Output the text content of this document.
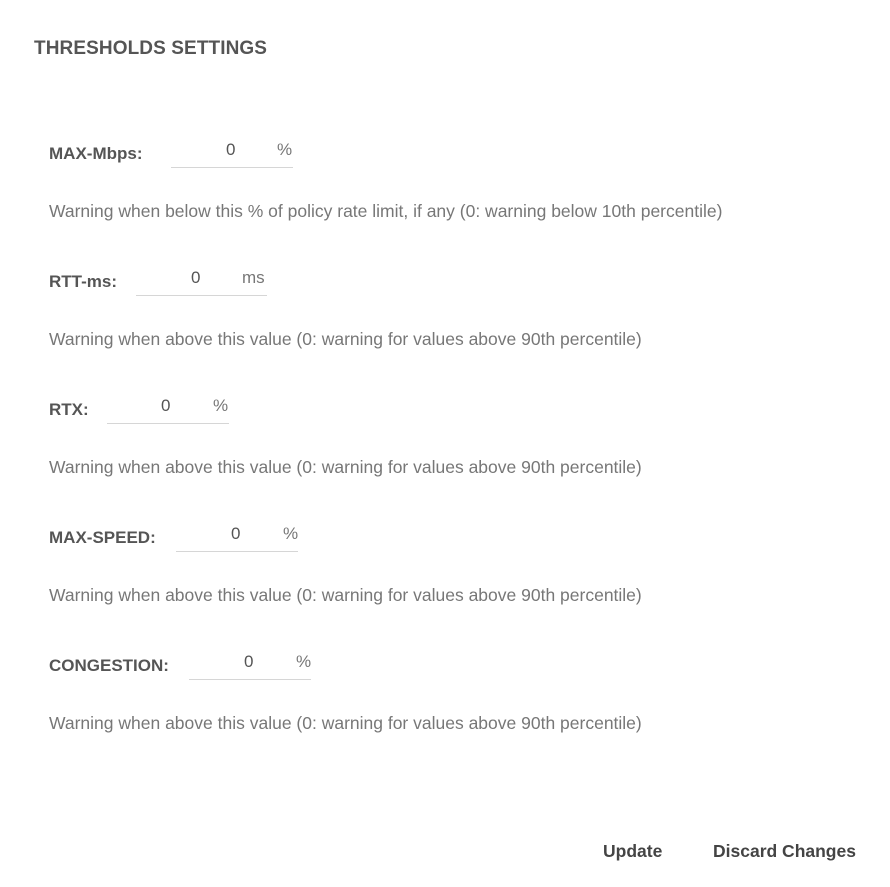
THRESHOLDS SETTINGS
MAX-Mbps:
0	%
Warning when below this % of policy rate limit, if any (0: warning below 10th percentile)
RTT-ms:
0	ms
Warning when above this value (0: warning for values above 90th percentile)
RTX:
0	%
Warning when above this value (0: warning for values above 90th percentile)
MAX-SPEED:
0	%
Warning when above this value (0: warning for values above 90th percentile)
CONGESTION:
0	%
Warning when above this value (0: warning for values above 90th percentile)
Update	Discard Changes
